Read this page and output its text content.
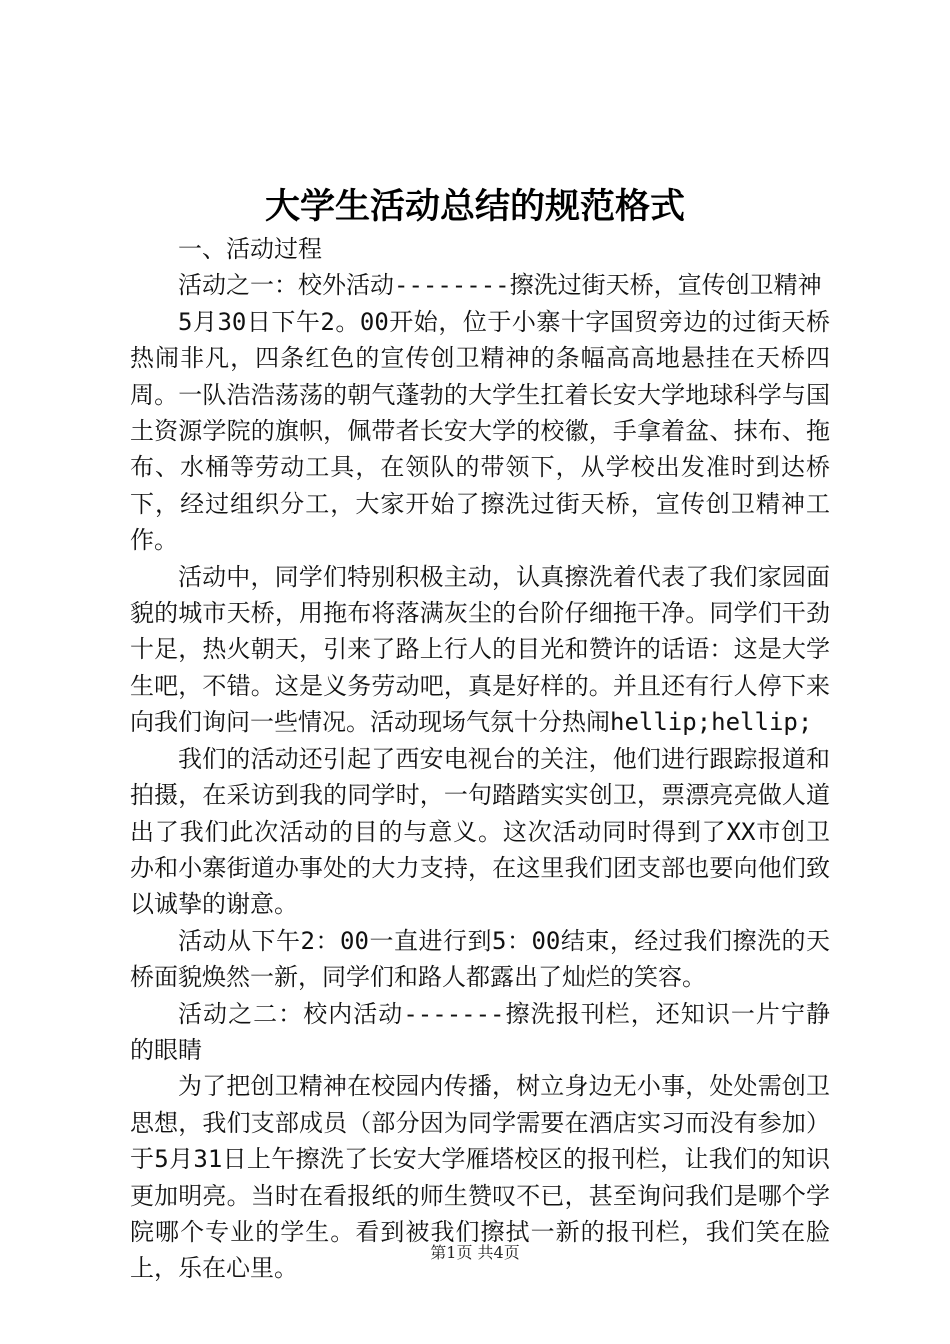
大学生活动总结的规范格式

一、活动过程

活动之一：校外活动--------擦洗过街天桥，宣传创卫精神

5月30日下午2。00开始，位于小寨十字国贸旁边的过街天桥热闹非凡，四条红色的宣传创卫精神的条幅高高地悬挂在天桥四周。一队浩浩荡荡的朝气蓬勃的大学生扛着长安大学地球科学与国土资源学院的旗帜，佩带者长安大学的校徽，手拿着盆、抹布、拖布、水桶等劳动工具，在领队的带领下，从学校出发准时到达桥下，经过组织分工，大家开始了擦洗过街天桥，宣传创卫精神工作。

活动中，同学们特别积极主动，认真擦洗着代表了我们家园面貌的城市天桥，用拖布将落满灰尘的台阶仔细拖干净。同学们干劲十足，热火朝天，引来了路上行人的目光和赞许的话语：这是大学生吧，不错。这是义务劳动吧，真是好样的。并且还有行人停下来向我们询问一些情况。活动现场气氛十分热闹hellip;hellip;

我们的活动还引起了西安电视台的关注，他们进行跟踪报道和拍摄，在采访到我的同学时，一句踏踏实实创卫，票漂亮亮做人道出了我们此次活动的目的与意义。这次活动同时得到了XX市创卫办和小寨街道办事处的大力支持，在这里我们团支部也要向他们致以诚挚的谢意。

活动从下午2：00一直进行到5：00结束，经过我们擦洗的天桥面貌焕然一新，同学们和路人都露出了灿烂的笑容。

活动之二：校内活动-------擦洗报刊栏，还知识一片宁静的眼睛

为了把创卫精神在校园内传播，树立身边无小事，处处需创卫思想，我们支部成员（部分因为同学需要在酒店实习而没有参加）于5月31日上午擦洗了长安大学雁塔校区的报刊栏，让我们的知识更加明亮。当时在看报纸的师生赞叹不已，甚至询问我们是哪个学院哪个专业的学生。看到被我们擦拭一新的报刊栏，我们笑在脸上，乐在心里。

第1页 共4页
